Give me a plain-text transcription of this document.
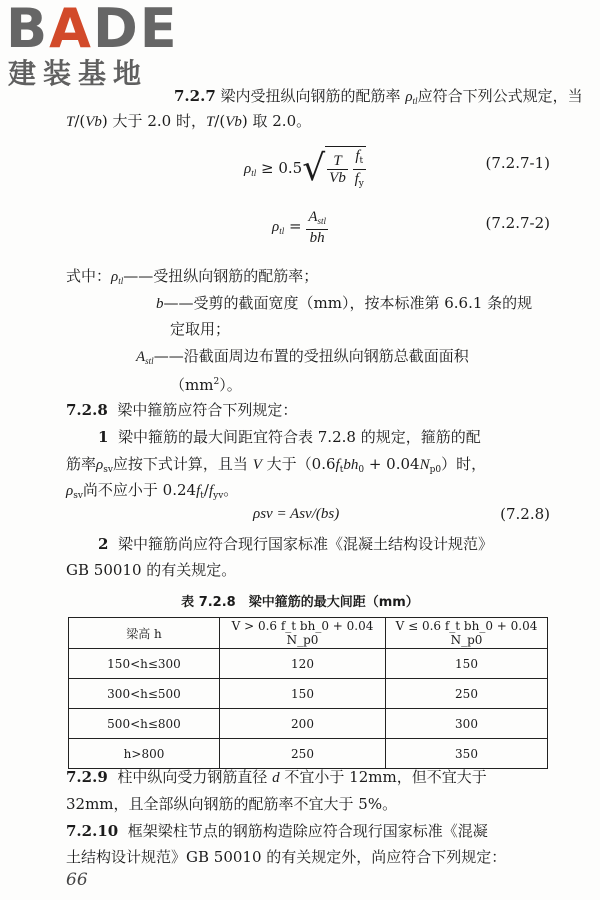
BADE
建装基地
7.2.7 梁内受扭纵向钢筋的配筋率 $\rho_{tl}$应符合下列公式规定，当
T/(Vb) 大于 2.0 时，T/(Vb) 取 2.0。
$\rho_{tl} \ge 0.5√ \frac{T}{Vb}$
$\frac{f_t}{f_y}$	(7.2.7-1)
$\rho_{tl} = \frac{A_{stl}}{bh}$	(7.2.7-2)
式中：$\rho_{tl}——$受扭纵向钢筋的配筋率；
b——受剪的截面宽度（mm），按本标准第 6.6.1 条的规
定取用；
$A_{stl}——$沿截面周边布置的受扭纵向钢筋总截面面积
$(mm^2)$。
7.2.8 梁中箍筋应符合下列规定：
1 梁中箍筋的最大间距宜符合表 7.2.8 的规定，箍筋的配
筋率$\rho_{sv}$应按下式计算，且当 V 大于$(0.6f_tbh_0 + 0.04N_{p0})$时，
$\rho_{sv}$尚不应小于 $0.24f_t/f_{yv}$。
ρsv = Asv/(bs)	(7.2.8)
2 梁中箍筋尚应符合现行国家标准《混凝土结构设计规范》
GB 50010 的有关规定。
表 7.2.8　梁中箍筋的最大间距（mm）
梁高 h	V > 0.6 f_t bh_0 + 0.04 N_p0	V ≤ 0.6 f_t bh_0 + 0.04 N_p0
150<h≤300	120	150
300<h≤500	150	250
500<h≤800	200	300
h>800	250	350
7.2.9 柱中纵向受力钢筋直径 d 不宜小于 12mm，但不宜大于
32mm，且全部纵向钢筋的配筋率不宜大于 5%。
7.2.10 框架梁柱节点的钢筋构造除应符合现行国家标准《混凝
土结构设计规范》GB 50010 的有关规定外，尚应符合下列规定：
66
